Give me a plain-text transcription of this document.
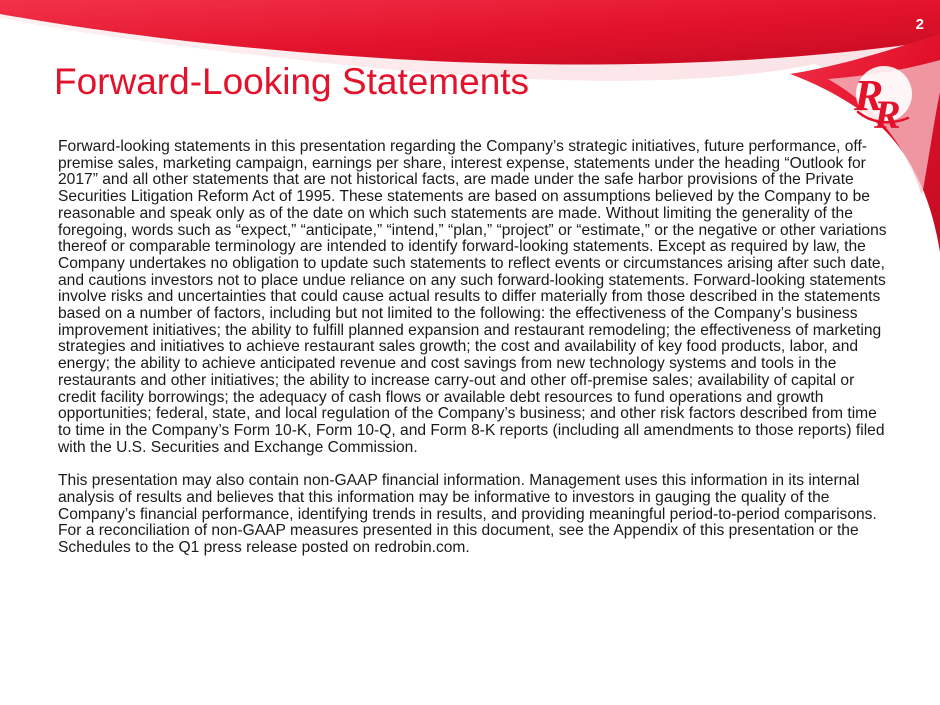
2
R
R
Forward-Looking Statements

Forward-looking statements in this presentation regarding the Company’s strategic initiatives, future performance, off-premise sales, marketing campaign, earnings per share, interest expense, statements under the heading “Outlook for 2017” and all other statements that are not historical facts, are made under the safe harbor provisions of the Private Securities Litigation Reform Act of 1995. These statements are based on assumptions believed by the Company to be reasonable and speak only as of the date on which such statements are made. Without limiting the generality of the foregoing, words such as “expect,” “anticipate,” “intend,” “plan,” “project” or “estimate,” or the negative or other variations thereof or comparable terminology are intended to identify forward-looking statements. Except as required by law, the Company undertakes no obligation to update such statements to reflect events or circumstances arising after such date, and cautions investors not to place undue reliance on any such forward-looking statements. Forward-looking statements involve risks and uncertainties that could cause actual results to differ materially from those described in the statements based on a number of factors, including but not limited to the following: the effectiveness of the Company’s business improvement initiatives; the ability to fulfill planned expansion and restaurant remodeling; the effectiveness of marketing strategies and initiatives to achieve restaurant sales growth; the cost and availability of key food products, labor, and energy; the ability to achieve anticipated revenue and cost savings from new technology systems and tools in the restaurants and other initiatives; the ability to increase carry-out and other off-premise sales; availability of capital or credit facility borrowings; the adequacy of cash flows or available debt resources to fund operations and growth opportunities; federal, state, and local regulation of the Company’s business; and other risk factors described from time to time in the Company’s Form 10-K, Form 10-Q, and Form 8-K reports (including all amendments to those reports) filed with the U.S. Securities and Exchange Commission.

This presentation may also contain non-GAAP financial information. Management uses this information in its internal analysis of results and believes that this information may be informative to investors in gauging the quality of the Company’s financial performance, identifying trends in results, and providing meaningful period-to-period comparisons. For a reconciliation of non-GAAP measures presented in this document, see the Appendix of this presentation or the Schedules to the Q1 press release posted on redrobin.com.
